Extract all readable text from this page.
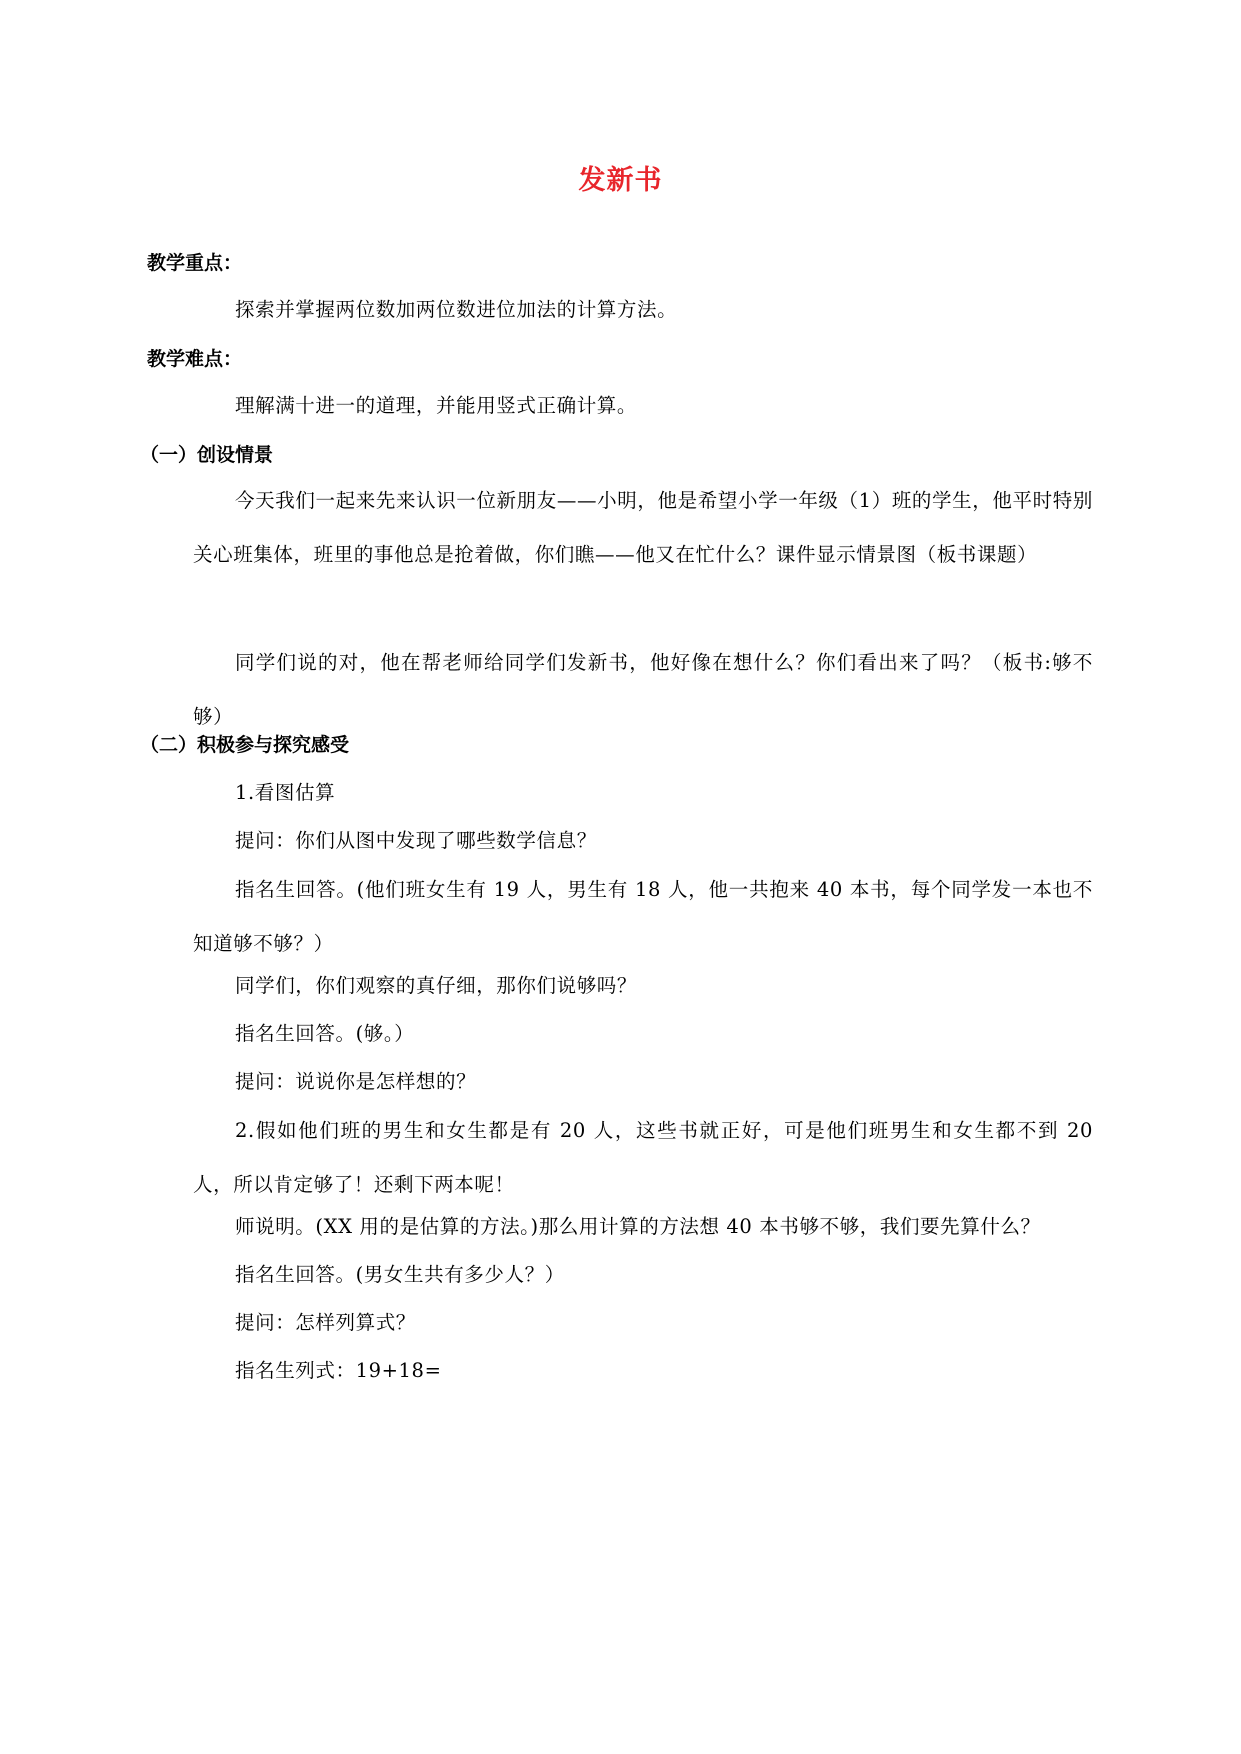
发新书
教学重点：
探索并掌握两位数加两位数进位加法的计算方法。
教学难点：
理解满十进一的道理，并能用竖式正确计算。
（一）创设情景

今天我们一起来先来认识一位新朋友——小明，他是希望小学一年级（1）班的学生，他平时特别关心班集体，班里的事他总是抢着做，你们瞧——他又在忙什么？课件显示情景图（板书课题）

同学们说的对，他在帮老师给同学们发新书，他好像在想什么？你们看出来了吗？（板书:够不够）

（二）积极参与探究感受
1.看图估算
提问：你们从图中发现了哪些数学信息？

指名生回答。(他们班女生有 19 人，男生有 18 人，他一共抱来 40 本书，每个同学发一本也不知道够不够？）

同学们，你们观察的真仔细，那你们说够吗？
指名生回答。(够。）
提问：说说你是怎样想的？

2.假如他们班的男生和女生都是有 20 人，这些书就正好，可是他们班男生和女生都不到 20 人，所以肯定够了！还剩下两本呢！

师说明。(XX 用的是估算的方法。)那么用计算的方法想 40 本书够不够，我们要先算什么？
指名生回答。(男女生共有多少人？）
提问：怎样列算式？
指名生列式：19+18=
